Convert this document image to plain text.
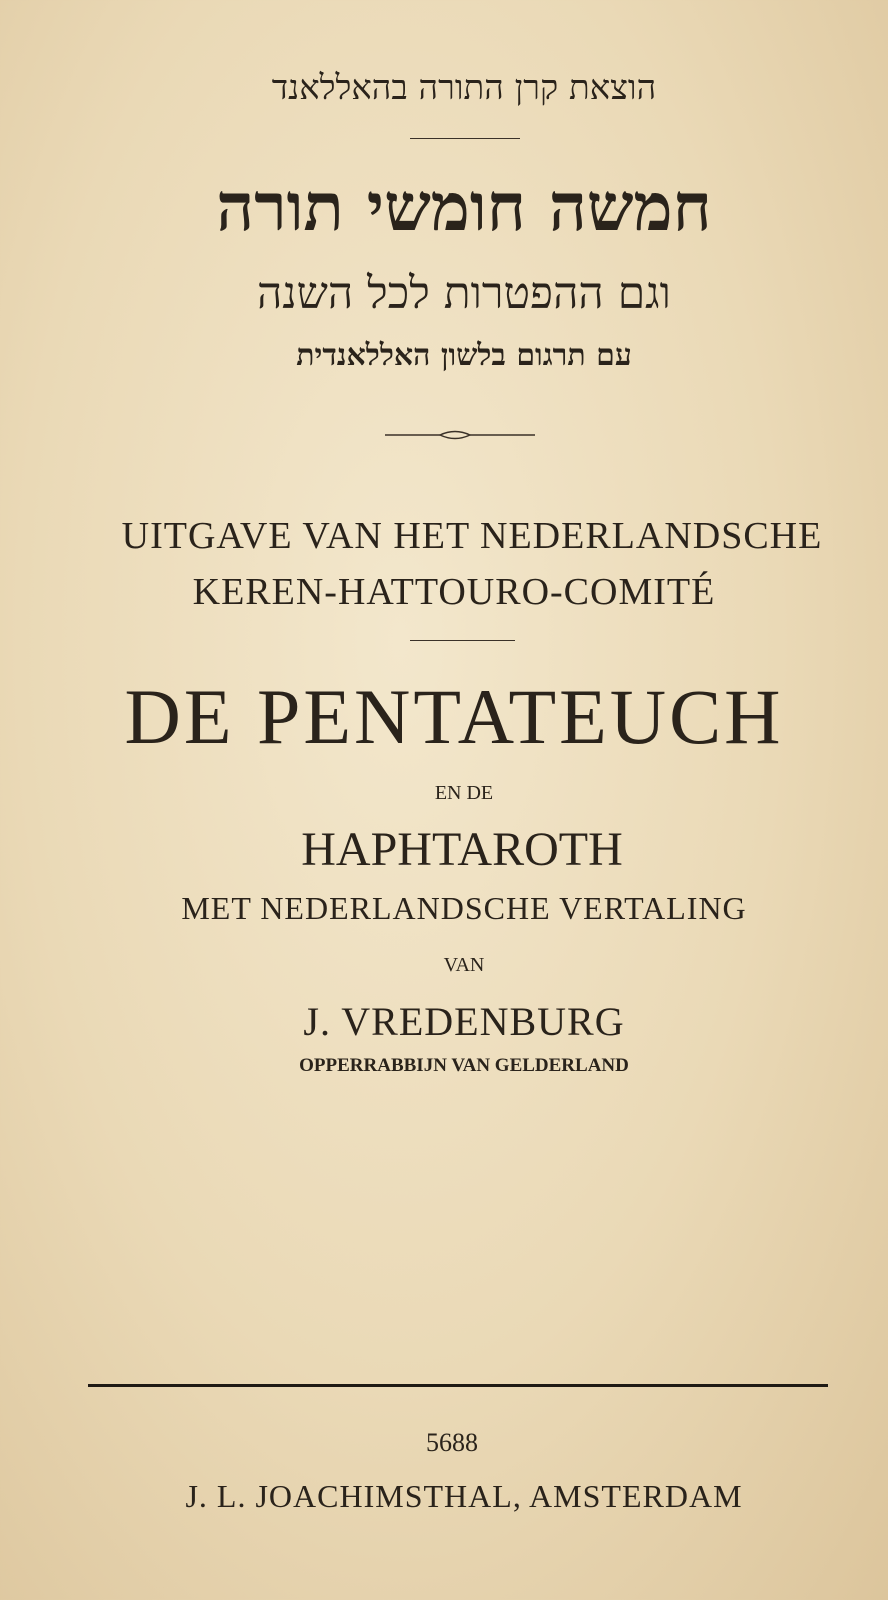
הוצאת קרן התורה בהאללאנד
חמשה חומשי תורה
וגם ההפטרות לכל השנה
עם תרגום בלשון האללאנדית
UITGAVE VAN HET NEDERLANDSCHE
KEREN-HATTOURO-COMITÉ
DE PENTATEUCH
EN DE
HAPHTAROTH
MET NEDERLANDSCHE VERTALING
VAN
J. VREDENBURG
OPPERRABBIJN VAN GELDERLAND
5688
J. L. JOACHIMSTHAL, AMSTERDAM
